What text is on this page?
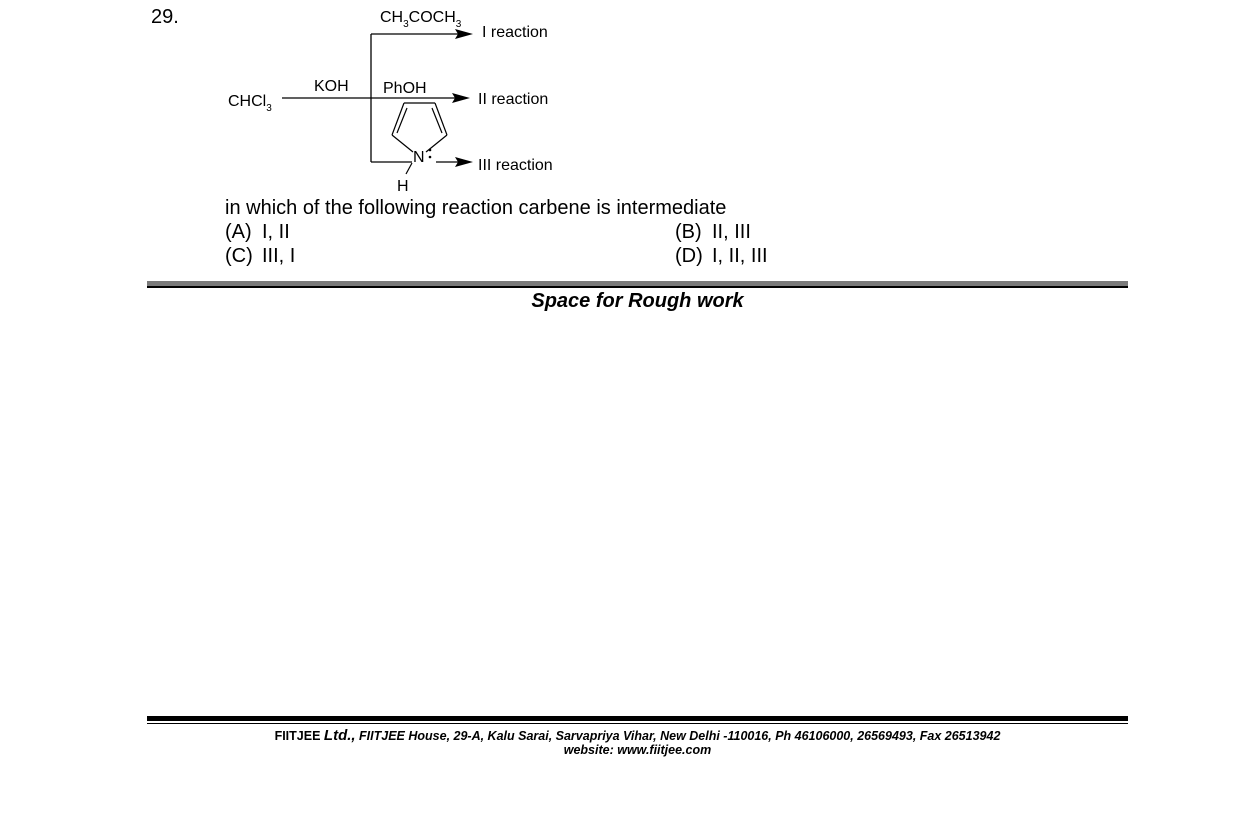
29.
CHCl$_3$
KOH
$CH_3COCH_3$
PhOH
N
H
I reaction
II reaction
III reaction
in which of the following reaction carbene is intermediate
(A) I, II	(B) II, III
(C) III, I	(D) I, II, III
Space for Rough work
FIITJEE Ltd., FIITJEE House, 29-A, Kalu Sarai, Sarvapriya Vihar, New Delhi -110016, Ph 46106000, 26569493, Fax 26513942
website: www.fiitjee.com
